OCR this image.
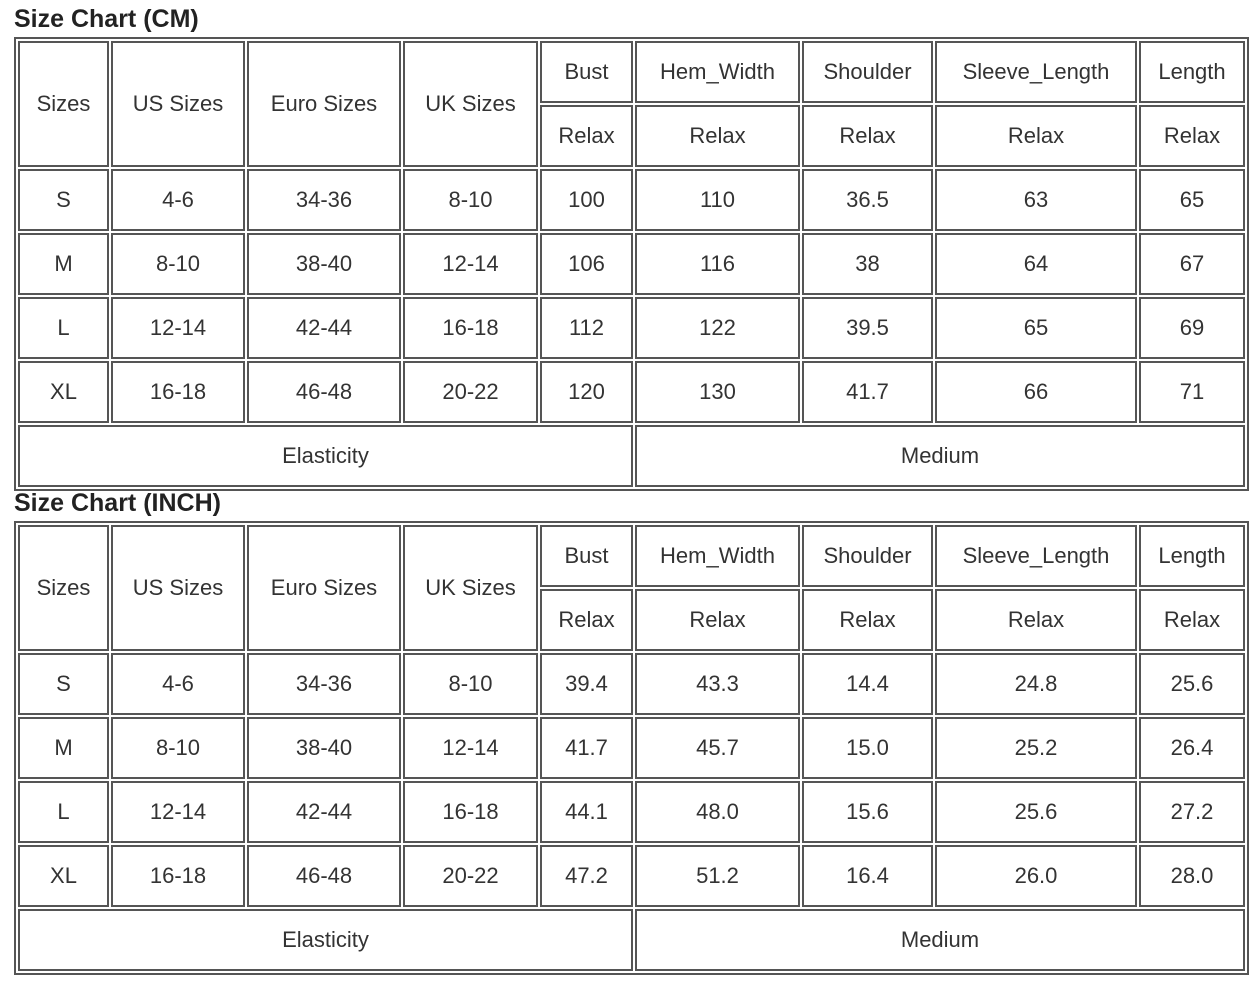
Size Chart (CM)
Sizes	US Sizes	Euro Sizes	UK Sizes	Bust	Hem_Width	Shoulder	Sleeve_Length	Length
				Relax	Relax	Relax	Relax	Relax
S	4-6	34-36	8-10	100	110	36.5	63	65
M	8-10	38-40	12-14	106	116	38	64	67
L	12-14	42-44	16-18	112	122	39.5	65	69
XL	16-18	46-48	20-22	120	130	41.7	66	71
Elasticity					Medium			
Size Chart (INCH)
Sizes	US Sizes	Euro Sizes	UK Sizes	Bust	Hem_Width	Shoulder	Sleeve_Length	Length
				Relax	Relax	Relax	Relax	Relax
S	4-6	34-36	8-10	39.4	43.3	14.4	24.8	25.6
M	8-10	38-40	12-14	41.7	45.7	15.0	25.2	26.4
L	12-14	42-44	16-18	44.1	48.0	15.6	25.6	27.2
XL	16-18	46-48	20-22	47.2	51.2	16.4	26.0	28.0
Elasticity					Medium			
